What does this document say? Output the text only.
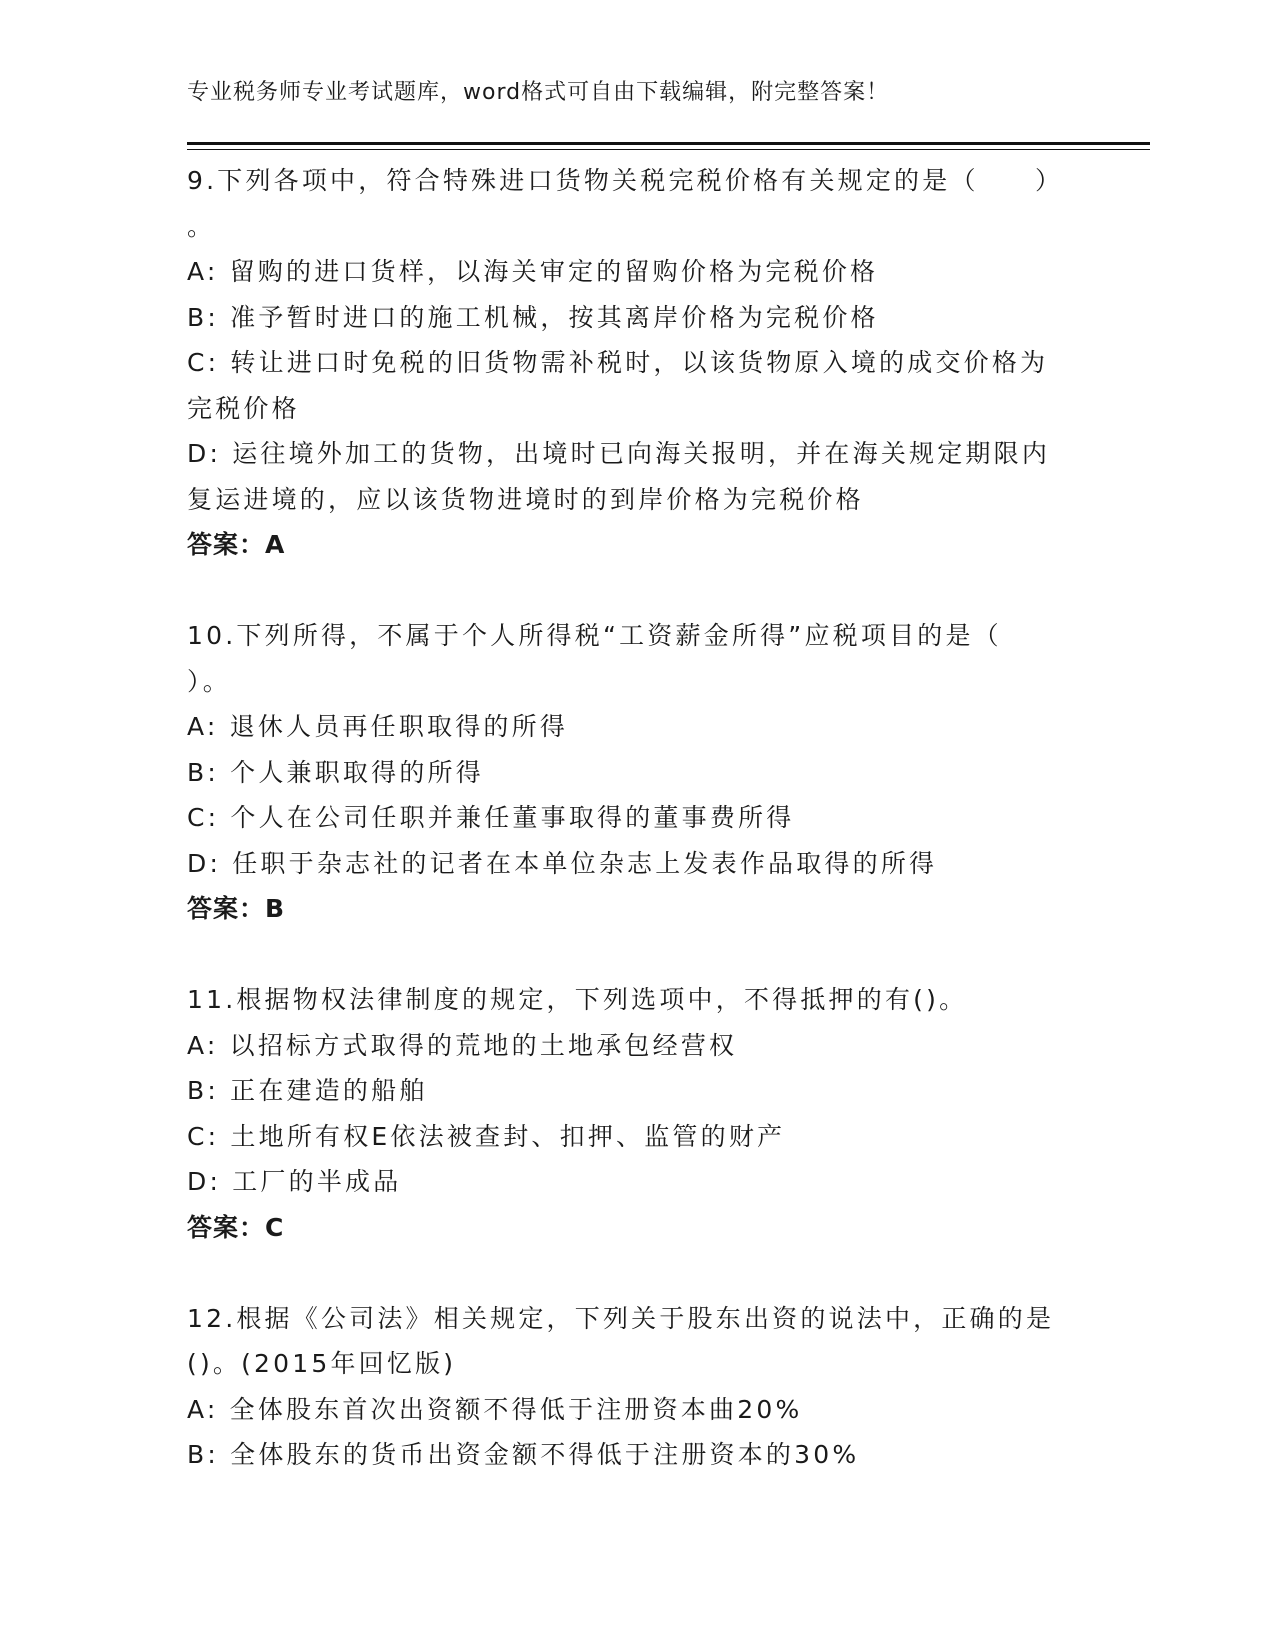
专业税务师专业考试题库，word格式可自由下载编辑，附完整答案！
9.下列各项中，符合特殊进口货物关税完税价格有关规定的是（　　）
。
A: 留购的进口货样，以海关审定的留购价格为完税价格
B: 准予暂时进口的施工机械，按其离岸价格为完税价格
C: 转让进口时免税的旧货物需补税时，以该货物原入境的成交价格为
完税价格
D: 运往境外加工的货物，出境时已向海关报明，并在海关规定期限内
复运进境的，应以该货物进境时的到岸价格为完税价格
答案：A
10.下列所得，不属于个人所得税“工资薪金所得”应税项目的是（
）。
A: 退休人员再任职取得的所得
B: 个人兼职取得的所得
C: 个人在公司任职并兼任董事取得的董事费所得
D: 任职于杂志社的记者在本单位杂志上发表作品取得的所得
答案：B
11.根据物权法律制度的规定，下列选项中，不得抵押的有()。
A: 以招标方式取得的荒地的土地承包经营权
B: 正在建造的船舶
C: 土地所有权E依法被查封、扣押、监管的财产
D: 工厂的半成品
答案：C
12.根据《公司法》相关规定，下列关于股东出资的说法中，正确的是
()。(2015年回忆版)
A: 全体股东首次出资额不得低于注册资本曲20%
B: 全体股东的货币出资金额不得低于注册资本的30%
